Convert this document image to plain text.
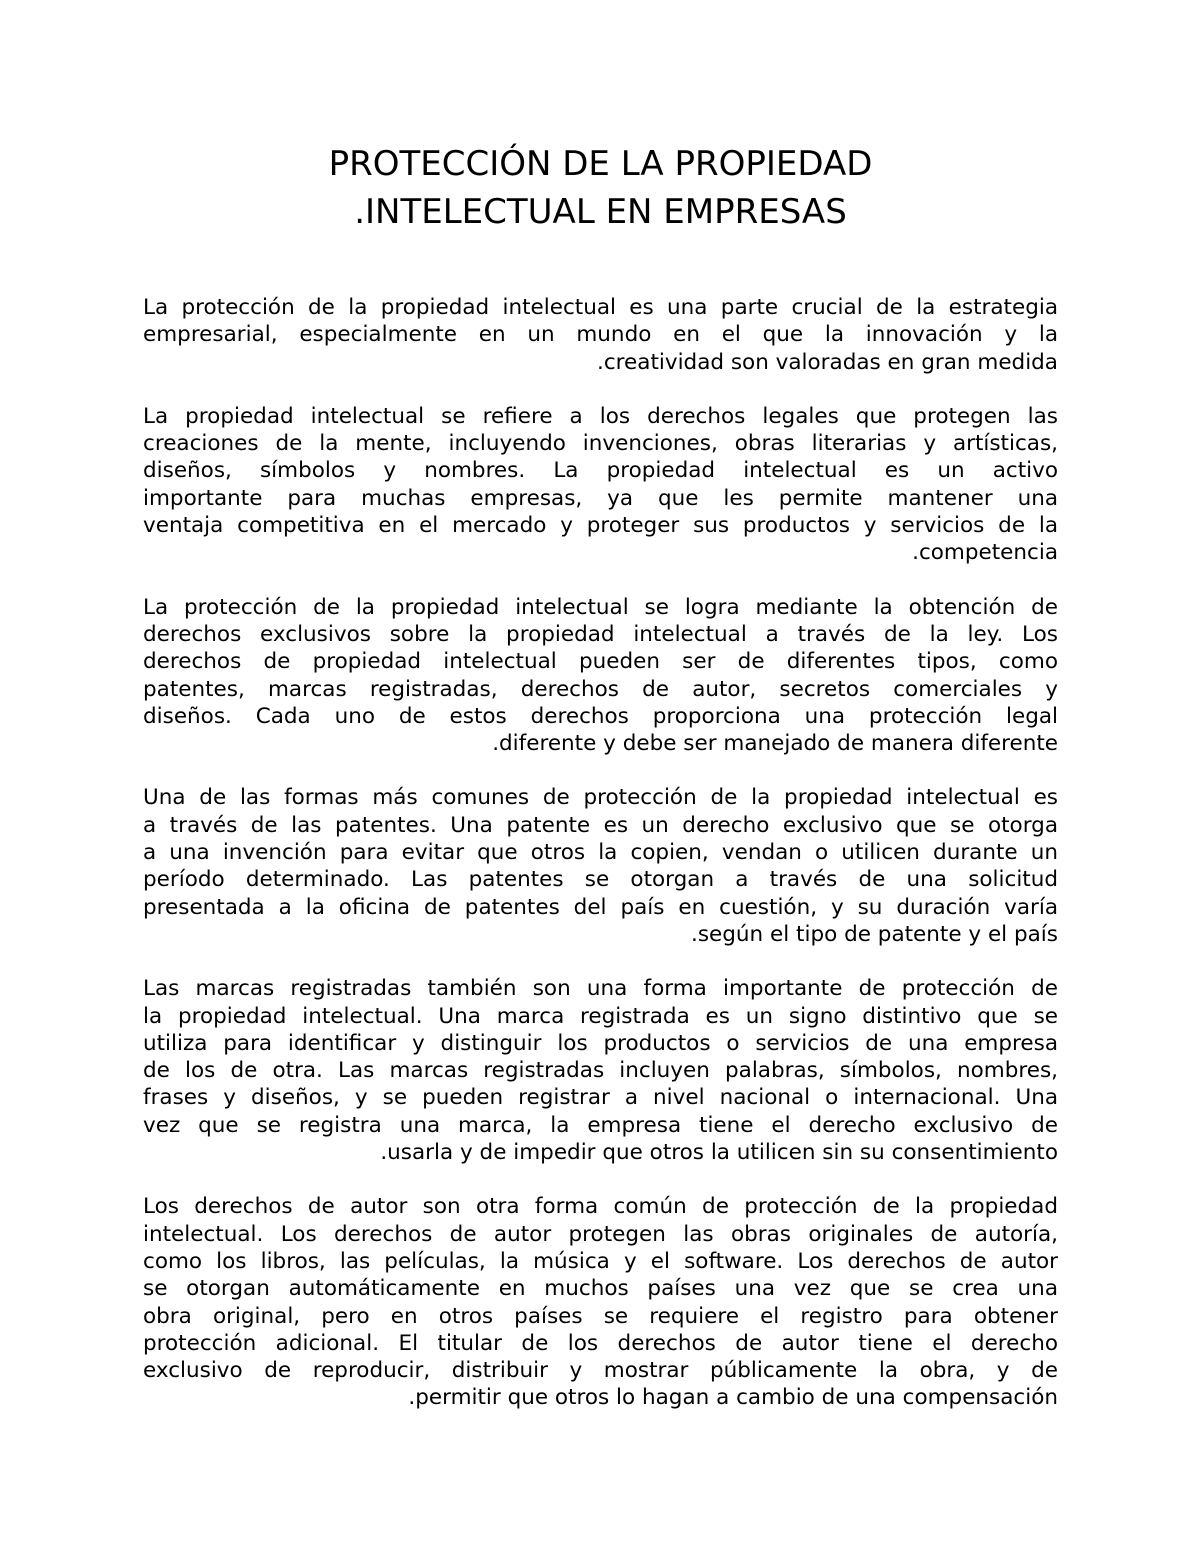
PROTECCIÓN DE LA PROPIEDAD
.INTELECTUAL EN EMPRESAS

La protección de la propiedad intelectual es una parte crucial de la estrategia
empresarial, especialmente en un mundo en el que la innovación y la
.creatividad son valoradas en gran medida

La propiedad intelectual se refiere a los derechos legales que protegen las
creaciones de la mente, incluyendo invenciones, obras literarias y artísticas,
diseños, símbolos y nombres. La propiedad intelectual es un activo
importante para muchas empresas, ya que les permite mantener una
ventaja competitiva en el mercado y proteger sus productos y servicios de la
.competencia

La protección de la propiedad intelectual se logra mediante la obtención de
derechos exclusivos sobre la propiedad intelectual a través de la ley. Los
derechos de propiedad intelectual pueden ser de diferentes tipos, como
patentes, marcas registradas, derechos de autor, secretos comerciales y
diseños. Cada uno de estos derechos proporciona una protección legal
.diferente y debe ser manejado de manera diferente

Una de las formas más comunes de protección de la propiedad intelectual es
a través de las patentes. Una patente es un derecho exclusivo que se otorga
a una invención para evitar que otros la copien, vendan o utilicen durante un
período determinado. Las patentes se otorgan a través de una solicitud
presentada a la oficina de patentes del país en cuestión, y su duración varía
.según el tipo de patente y el país

Las marcas registradas también son una forma importante de protección de
la propiedad intelectual. Una marca registrada es un signo distintivo que se
utiliza para identificar y distinguir los productos o servicios de una empresa
de los de otra. Las marcas registradas incluyen palabras, símbolos, nombres,
frases y diseños, y se pueden registrar a nivel nacional o internacional. Una
vez que se registra una marca, la empresa tiene el derecho exclusivo de
.usarla y de impedir que otros la utilicen sin su consentimiento

Los derechos de autor son otra forma común de protección de la propiedad
intelectual. Los derechos de autor protegen las obras originales de autoría,
como los libros, las películas, la música y el software. Los derechos de autor
se otorgan automáticamente en muchos países una vez que se crea una
obra original, pero en otros países se requiere el registro para obtener
protección adicional. El titular de los derechos de autor tiene el derecho
exclusivo de reproducir, distribuir y mostrar públicamente la obra, y de
.permitir que otros lo hagan a cambio de una compensación
